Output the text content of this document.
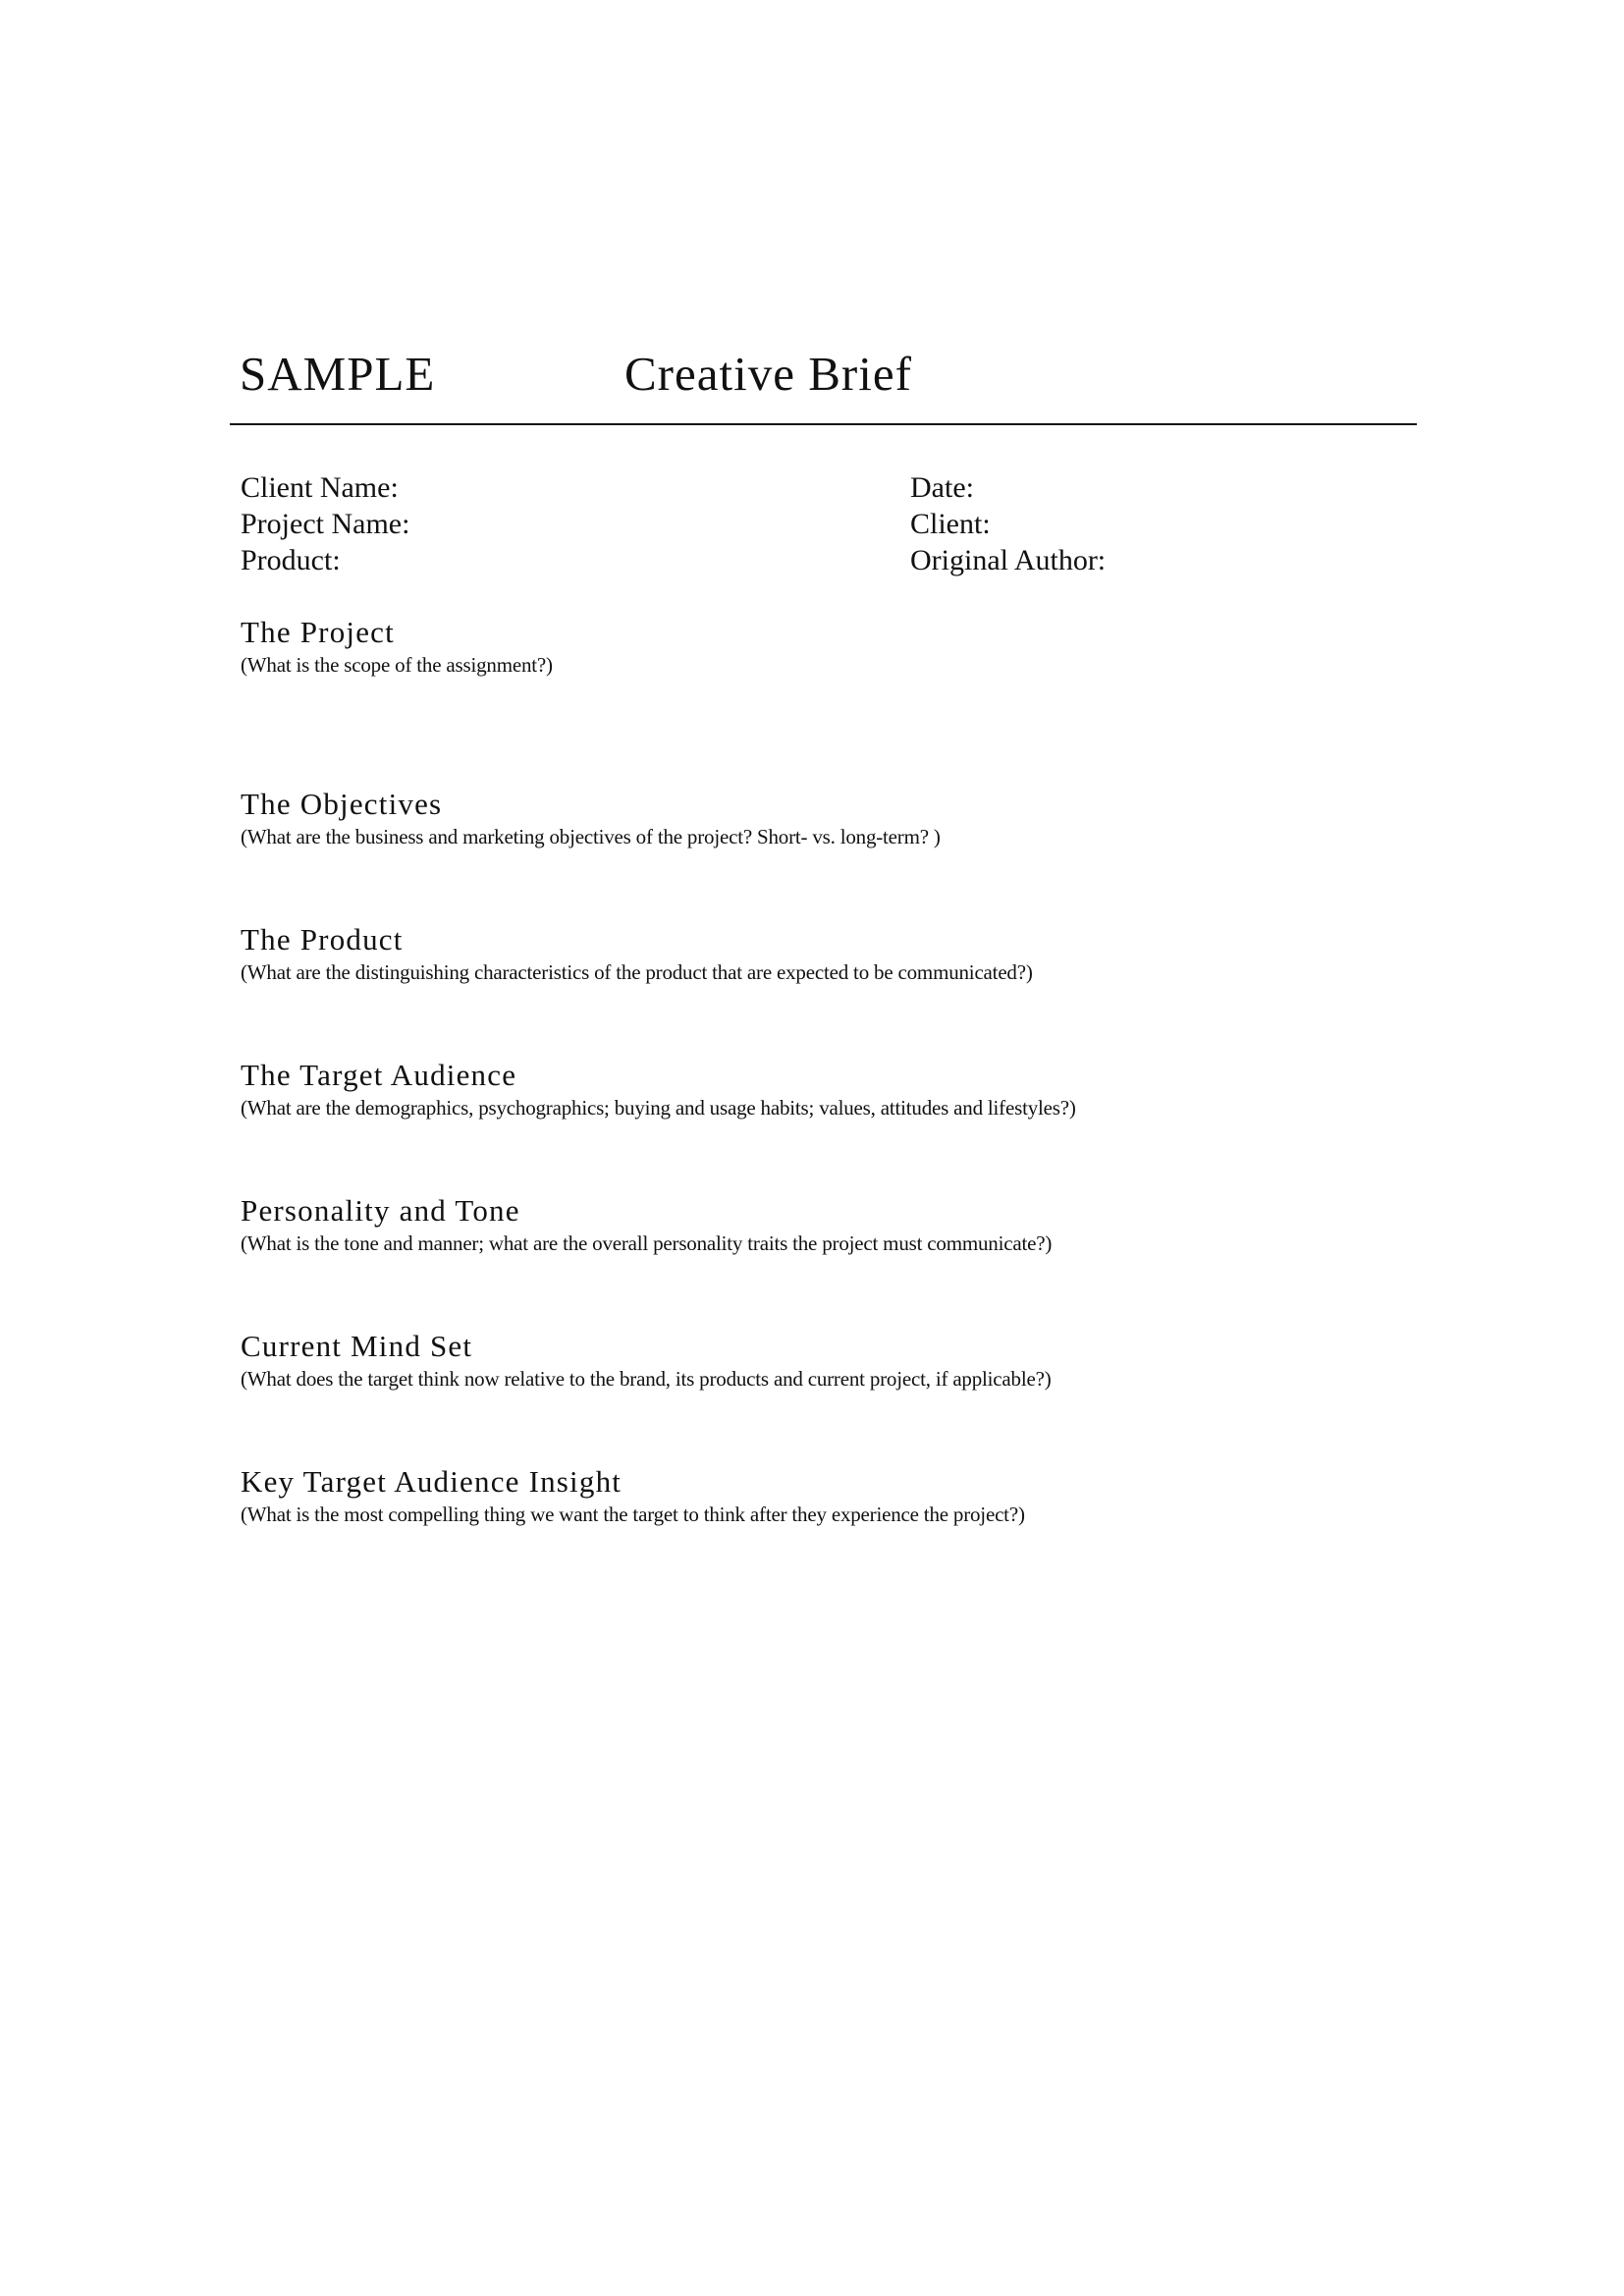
SAMPLE	Creative Brief
Client Name:
Project Name:
Product:
Date:
Client:
Original Author:
The Project
(What is the scope of the assignment?)
The Objectives
(What are the business and marketing objectives of the project? Short- vs. long-term? )
The Product
(What are the distinguishing characteristics of the product that are expected to be communicated?)
The Target Audience
(What are the demographics, psychographics; buying and usage habits; values, attitudes and lifestyles?)
Personality and Tone
(What is the tone and manner; what are the overall personality traits the project must communicate?)
Current Mind Set
(What does the target think now relative to the brand, its products and current project, if applicable?)
Key Target Audience Insight
(What is the most compelling thing we want the target to think after they experience the project?)
